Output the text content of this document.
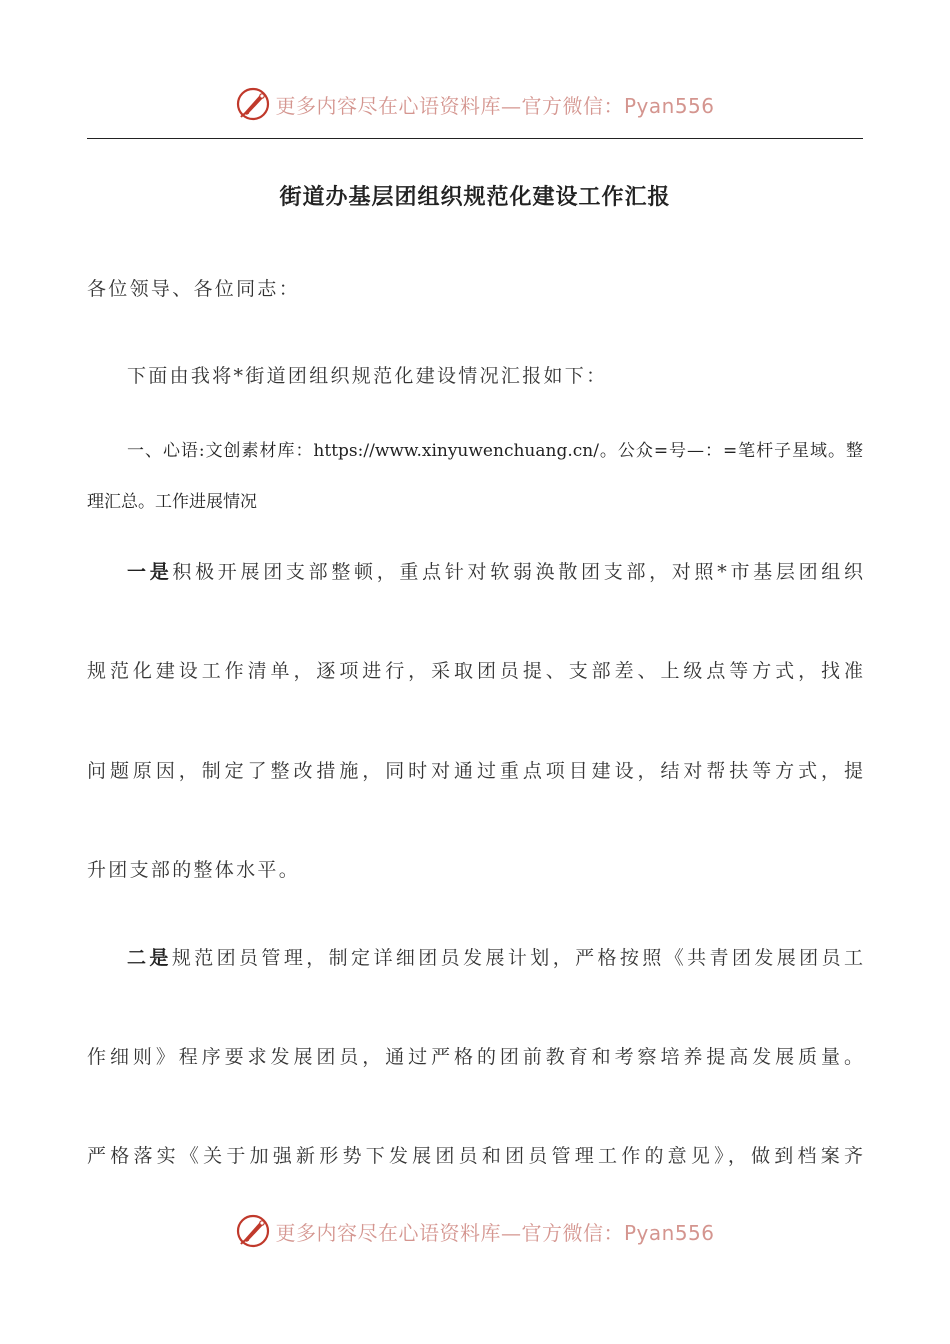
更多内容尽在心语资料库—官方微信：Pyan556
街道办基层团组织规范化建设工作汇报
各位领导、各位同志：
下面由我将*街道团组织规范化建设情况汇报如下：
一、心语:文创素材库：https://www.xinyuwenchuang.cn/。公众=号—：=笔杆子星域。整
理汇总。工作进展情况
一是积极开展团支部整顿，重点针对软弱涣散团支部，对照*市基层团组织
规范化建设工作清单，逐项进行，采取团员提、支部差、上级点等方式，找准
问题原因，制定了整改措施，同时对通过重点项目建设，结对帮扶等方式，提
升团支部的整体水平。
二是规范团员管理，制定详细团员发展计划，严格按照《共青团发展团员工
作细则》程序要求发展团员，通过严格的团前教育和考察培养提高发展质量。
严格落实《关于加强新形势下发展团员和团员管理工作的意见》，做到档案齐
更多内容尽在心语资料库—官方微信：Pyan556
